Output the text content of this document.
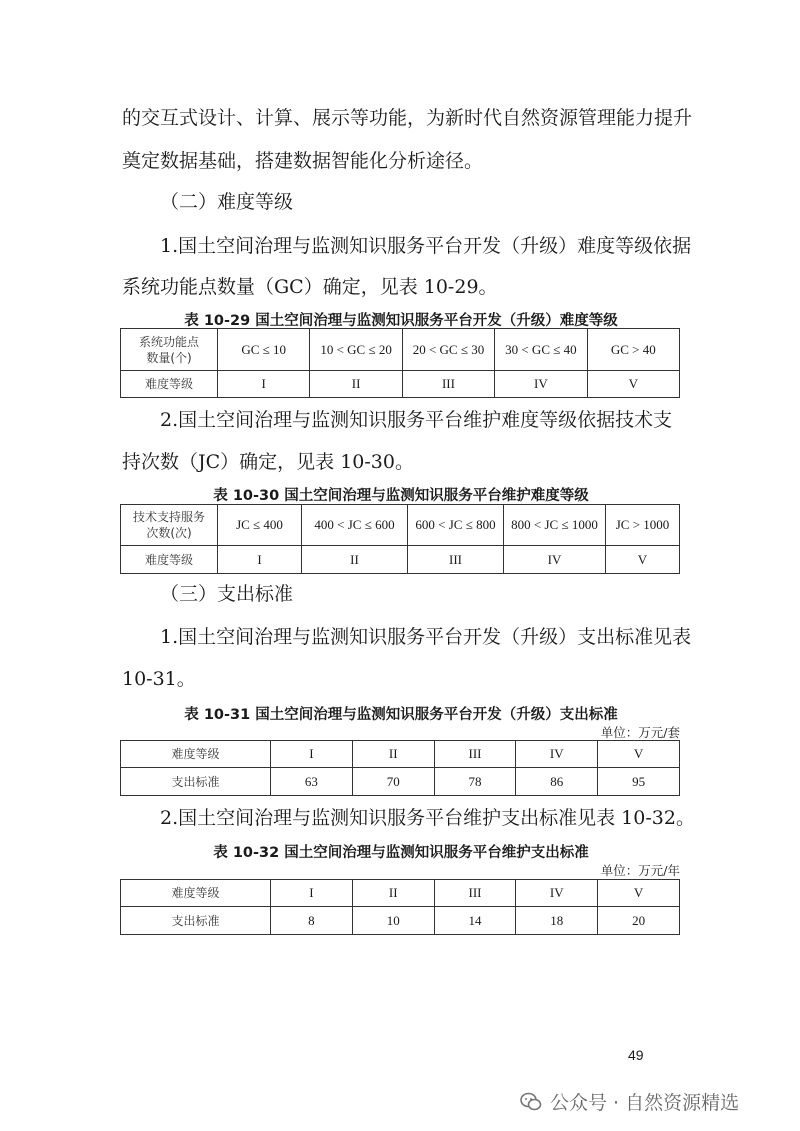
的交互式设计、计算、展示等功能，为新时代自然资源管理能力提升
奠定数据基础，搭建数据智能化分析途径。
（二）难度等级
1.国土空间治理与监测知识服务平台开发（升级）难度等级依据
系统功能点数量（GC）确定，见表 10-29。
表 10-29 国土空间治理与监测知识服务平台开发（升级）难度等级
系统功能点
数量(个)	GC ≤ 10	10 < GC ≤ 20	20 < GC ≤ 30	30 < GC ≤ 40	GC > 40
难度等级	I	II	III	IV	V
2.国土空间治理与监测知识服务平台维护难度等级依据技术支
持次数（JC）确定，见表 10-30。
表 10-30 国土空间治理与监测知识服务平台维护难度等级
技术支持服务
次数(次)	JC ≤ 400	400 < JC ≤ 600	600 < JC ≤ 800	800 < JC ≤ 1000	JC > 1000
难度等级	I	II	III	IV	V
（三）支出标准
1.国土空间治理与监测知识服务平台开发（升级）支出标准见表
10-31。
表 10-31 国土空间治理与监测知识服务平台开发（升级）支出标准
单位：万元/套
难度等级	I	II	III	IV	V
支出标准	63	70	78	86	95
2.国土空间治理与监测知识服务平台维护支出标准见表 10-32。
表 10-32 国土空间治理与监测知识服务平台维护支出标准
单位：万元/年
难度等级	I	II	III	IV	V
支出标准	8	10	14	18	20
49
公众号 · 自然资源精选
